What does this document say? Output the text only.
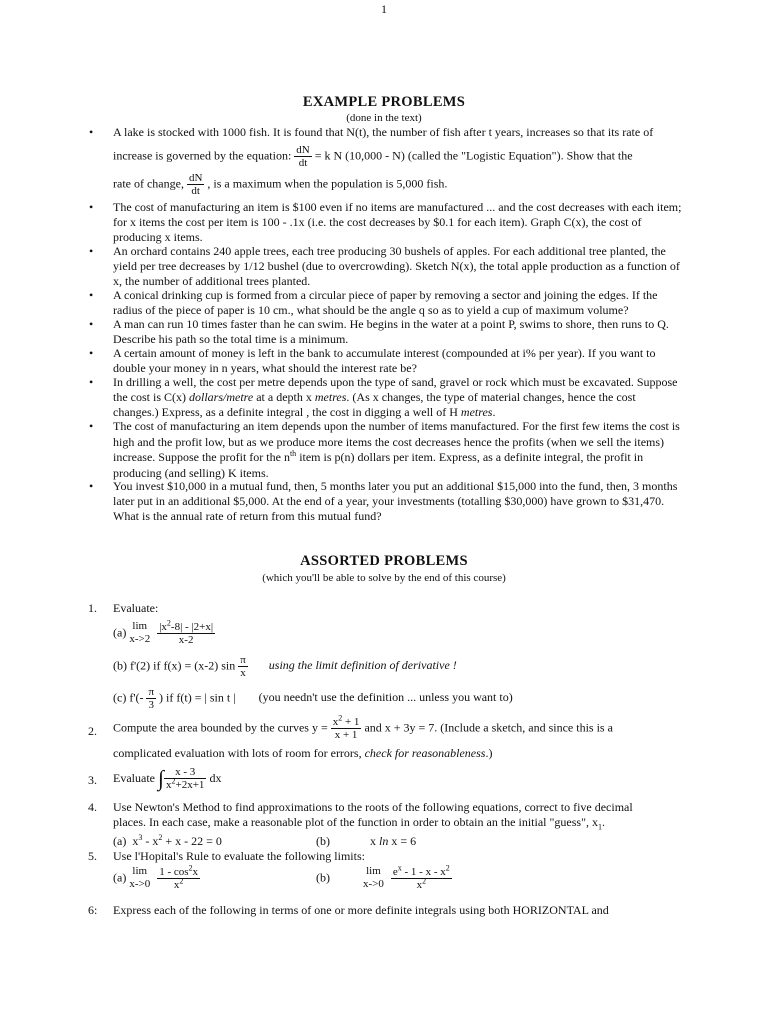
1
EXAMPLE PROBLEMS
(done in the text)
• A lake is stocked with 1000 fish. It is found that N(t), the number of fish after t years, increases so that its rate of
increase is governed by the equation: $\frac{dN}{dt} = k$ N (10,000 - N) (called the "Logistic Equation"). Show that the
rate of change, $\frac{dN}{dt}$ , is a maximum when the population is 5,000 fish.
• The cost of manufacturing an item is $100 even if no items are manufactured ... and the cost decreases with each item; for x items the cost per item is 100 - .1x (i.e. the cost decreases by $0.1 for each item). Graph C(x), the cost of producing x items.
• An orchard contains 240 apple trees, each tree producing 30 bushels of apples. For each additional tree planted, the yield per tree decreases by 1/12 bushel (due to overcrowding). Sketch N(x), the total apple production as a function of x, the number of additional trees planted.
• A conical drinking cup is formed from a circular piece of paper by removing a sector and joining the edges. If the radius of the piece of paper is 10 cm., what should be the angle q so as to yield a cup of maximum volume?
• A man can run 10 times faster than he can swim. He begins in the water at a point P, swims to shore, then runs to Q. Describe his path so the total time is a minimum.
• A certain amount of money is left in the bank to accumulate interest (compounded at i% per year). If you want to double your money in n years, what should the interest rate be?
• In drilling a well, the cost per metre depends upon the type of sand, gravel or rock which must be excavated. Suppose the cost is C(x) dollars/metre at a depth x metres. (As x changes, the type of material changes, hence the cost changes.) Express, as a definite integral , the cost in digging a well of H metres.
• The cost of manufacturing an item depends upon the number of items manufactured. For the first few items the cost is high and the profit low, but as we produce more items the cost decreases hence the profits (when we sell the items) increase. Suppose the profit for the $n^{th}$ item is p(n) dollars per item. Express, as a definite integral, the profit in producing (and selling) K items.
• You invest $10,000 in a mutual fund, then, 5 months later you put an additional $15,000 into the fund, then, 3 months later put in an additional $5,000. At the end of a year, your investments (totalling $30,000) have grown to $31,470. What is the annual rate of return from this mutual fund?
ASSORTED PROBLEMS
(which you'll be able to solve by the end of this course)
1. Evaluate:
(a) lim
x->2
$\frac{|x^2-8| - |2+x|}{x-2}$
(b) f'(2) if f(x) = (x-2) $\sin \frac{\pi}{x}$ using the limit definition of derivative !
(c) $f'(- \frac{\pi}{3}$ ) if f(t) = | sin t | (you needn't use the definition ... unless you want to)
2. Compute the area bounded by the curves $y = \frac{x^2 + 1}{x + 1}$ and x + 3y = 7. (Include a sketch, and since this is a
complicated evaluation with lots of room for errors, check for reasonableness.)
3. Evaluate ∫ $\frac{x - 3}{x^2+2x+1}$ dx
4. Use Newton's Method to find approximations to the roots of the following equations, correct to five decimal
places. In each case, make a reasonable plot of the function in order to obtain an the initial "guess", $x_1$.
(a) $x^3 - x^2 + x - 22 = 0$	(b)	x ln x = 6
5. Use l'Hopital's Rule to evaluate the following limits:
(a) lim
x->0
$\frac{1 - \cos^2x}{x^2}$	(b)	lim
x->0
$\frac{e^x - 1 - x - x^2}{x^2}$
6: Express each of the following in terms of one or more definite integrals using both HORIZONTAL and
